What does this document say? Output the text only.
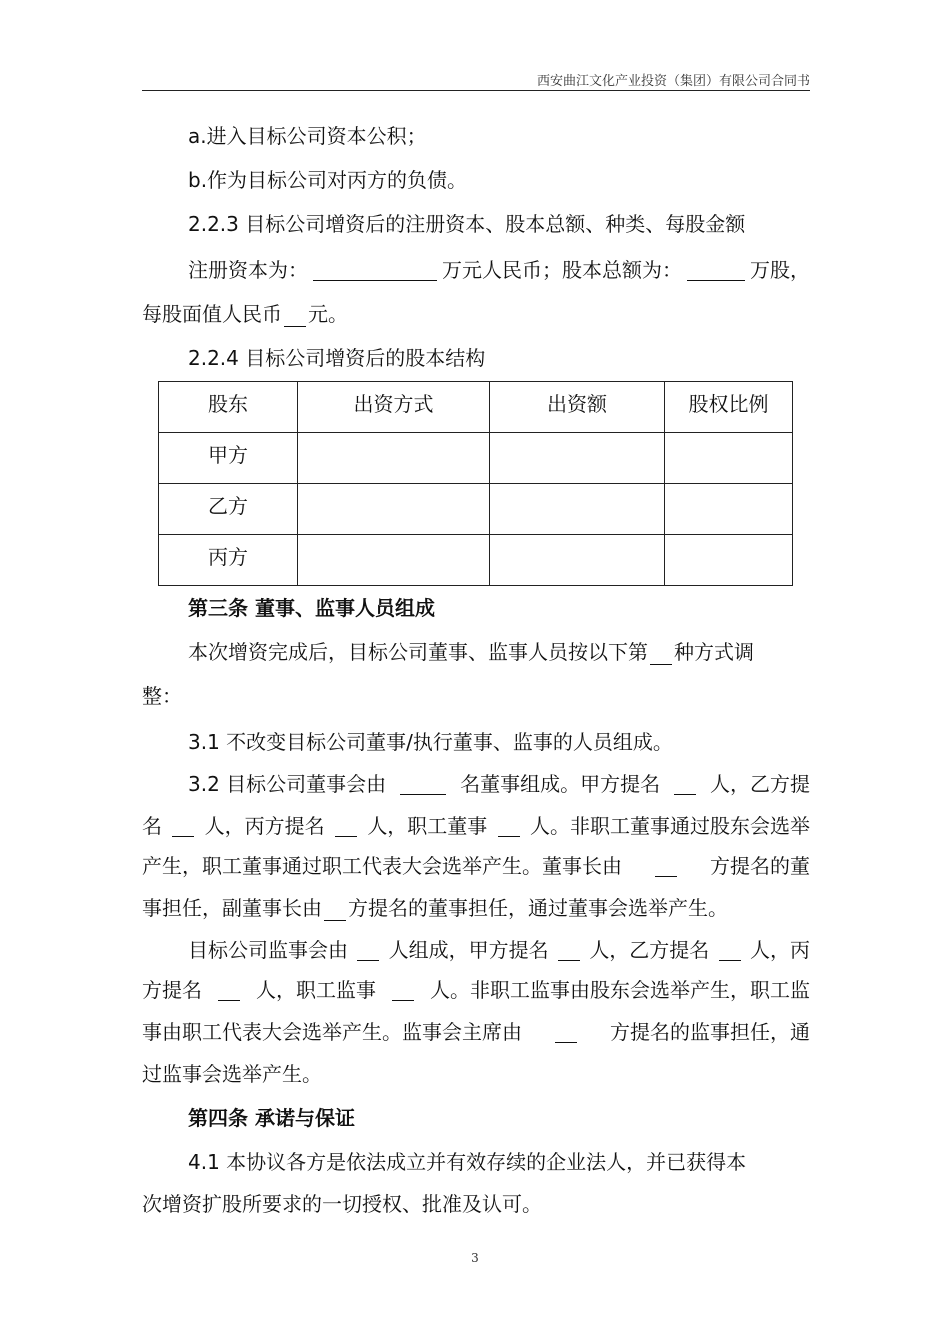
西安曲江文化产业投资（集团）有限公司合同书
a.进入目标公司资本公积；
b.作为目标公司对丙方的负债。
2.2.3 目标公司增资后的注册资本、股本总额、种类、每股金额
注册资本为：	万元人民币；股本总额为：	万股，
每股面值人民币 元。
2.2.4 目标公司增资后的股本结构
股东	出资方式	出资额	股权比例
甲方			
乙方			
丙方			
第三条 董事、监事人员组成
本次增资完成后，目标公司董事、监事人员按以下第 种方式调
整：
3.1 不改变目标公司董事/执行董事、监事的人员组成。
3.2 目标公司董事会由	名董事组成。甲方提名 人，乙方提
名 人，丙方提名 人，职工董事 人。非职工董事通过股东会选举
产生，职工董事通过职工代表大会选举产生。董事长由	方提名的董
事担任，副董事长由 方提名的董事担任，通过董事会选举产生。
目标公司监事会由 人组成，甲方提名 人，乙方提名 人，丙
方提名	人，职工监事	人。非职工监事由股东会选举产生，职工监
事由职工代表大会选举产生。监事会主席由	方提名的监事担任，通
过监事会选举产生。
第四条 承诺与保证
4.1 本协议各方是依法成立并有效存续的企业法人，并已获得本
次增资扩股所要求的一切授权、批准及认可。
3
